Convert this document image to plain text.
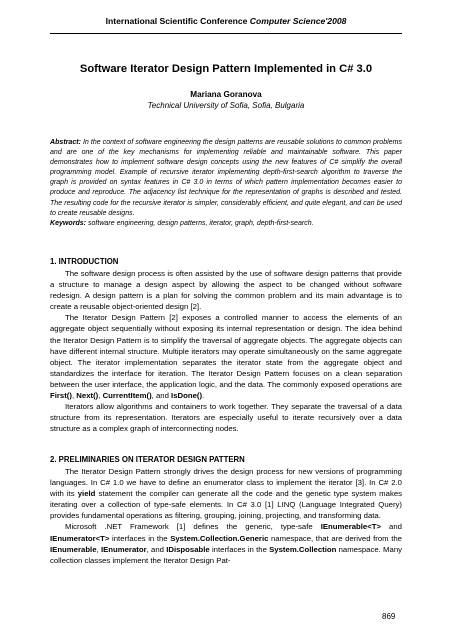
International Scientific Conference Computer Science'2008
Software Iterator Design Pattern Implemented in C# 3.0
Mariana Goranova
Technical University of Sofia, Sofia, Bulgaria
Abstract: In the context of software engineering the design patterns are reusable solutions to common problems and are one of the key mechanisms for implementing reliable and maintainable software. This paper demonstrates how to implement software design concepts using the new features of C# simplify the overall programming model. Example of recursive iterator implementing depth-first-search algorithm to traverse the graph is provided on syntax features in C# 3.0 in terms of which pattern implementation becomes easier to produce and reproduce. The adjacency list technique for the representation of graphs is described and tested. The resulting code for the recursive iterator is simpler, considerably efficient, and quite elegant, and can be used to create reusable designs.
Keywords: software engineering, design patterns, iterator, graph, depth-first-search.
1. INTRODUCTION

The software design process is often assisted by the use of software design patterns that provide a structure to manage a design aspect by allowing the aspect to be changed without software redesign. A design pattern is a plan for solving the common problem and its main advantage is to create a reusable object-oriented design [2].

The Iterator Design Pattern [2] exposes a controlled manner to access the elements of an aggregate object sequentially without exposing its internal representation or design. The idea behind the Iterator Design Pattern is to simplify the traversal of aggregate objects. The aggregate objects can have different internal structure. Multiple iterators may operate simultaneously on the same aggregate object. The iterator implementation separates the iterator state from the aggregate object and standardizes the interface for iteration. The Iterator Design Pattern focuses on a clean separation between the user interface, the application logic, and the data. The commonly exposed operations are First(), Next(), CurrentItem(), and IsDone().

Iterators allow algorithms and containers to work together. They separate the traversal of a data structure from its representation. Iterators are especially useful to iterate recursively over a data structure as a complex graph of interconnecting nodes.

2. PRELIMINARIES ON ITERATOR DESIGN PATTERN

The Iterator Design Pattern strongly drives the design process for new versions of programming languages. In C# 1.0 we have to define an enumerator class to implement the iterator [3]. In C# 2.0 with its yield statement the compiler can generate all the code and the genetic type system makes iterating over a collection of type-safe elements. In C# 3.0 [1] LINQ (Language Integrated Query) provides fundamental operations as filtering, grouping, joining, projecting, and transforming data.

Microsoft .NET Framework [1] defines the generic, type-safe IEnumerable<T> and IEnumerator<T> interfaces in the System.Collection.Generic namespace, that are derived from the IEnumerable, IEnumerator, and IDisposable interfaces in the System.Collection namespace. Many collection classes implement the Iterator Design Pat-

869
